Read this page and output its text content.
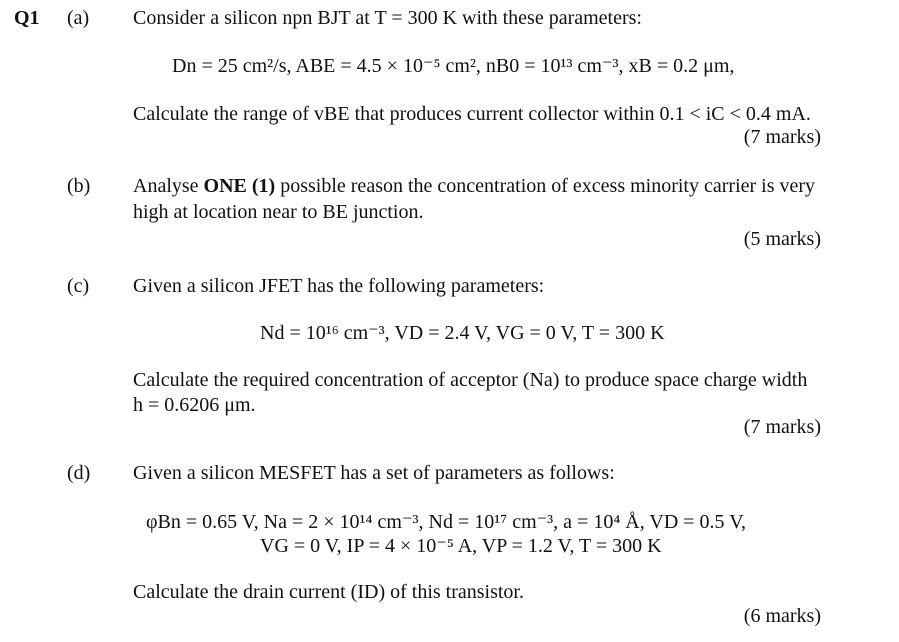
Q1 (a) Consider a silicon npn BJT at T = 300 K with these parameters:
Dn = 25 cm²/s, ABE = 4.5 × 10⁻⁵ cm², nB0 = 10¹³ cm⁻³, xB = 0.2 μm,
Calculate the range of vBE that produces current collector within 0.1 < iC < 0.4 mA.
(7 marks)
(b) Analyse ONE (1) possible reason the concentration of excess minority carrier is very
high at location near to BE junction.
(5 marks)
(c) Given a silicon JFET has the following parameters:
Nd = 10¹⁶ cm⁻³, VD = 2.4 V, VG = 0 V, T = 300 K
Calculate the required concentration of acceptor (Na) to produce space charge width
h = 0.6206 μm.
(7 marks)
(d) Given a silicon MESFET has a set of parameters as follows:
φBn = 0.65 V, Na = 2 × 10¹⁴ cm⁻³, Nd = 10¹⁷ cm⁻³, a = 10⁴ Å, VD = 0.5 V,
VG = 0 V, IP = 4 × 10⁻⁵ A, VP = 1.2 V, T = 300 K
Calculate the drain current (ID) of this transistor.
(6 marks)
